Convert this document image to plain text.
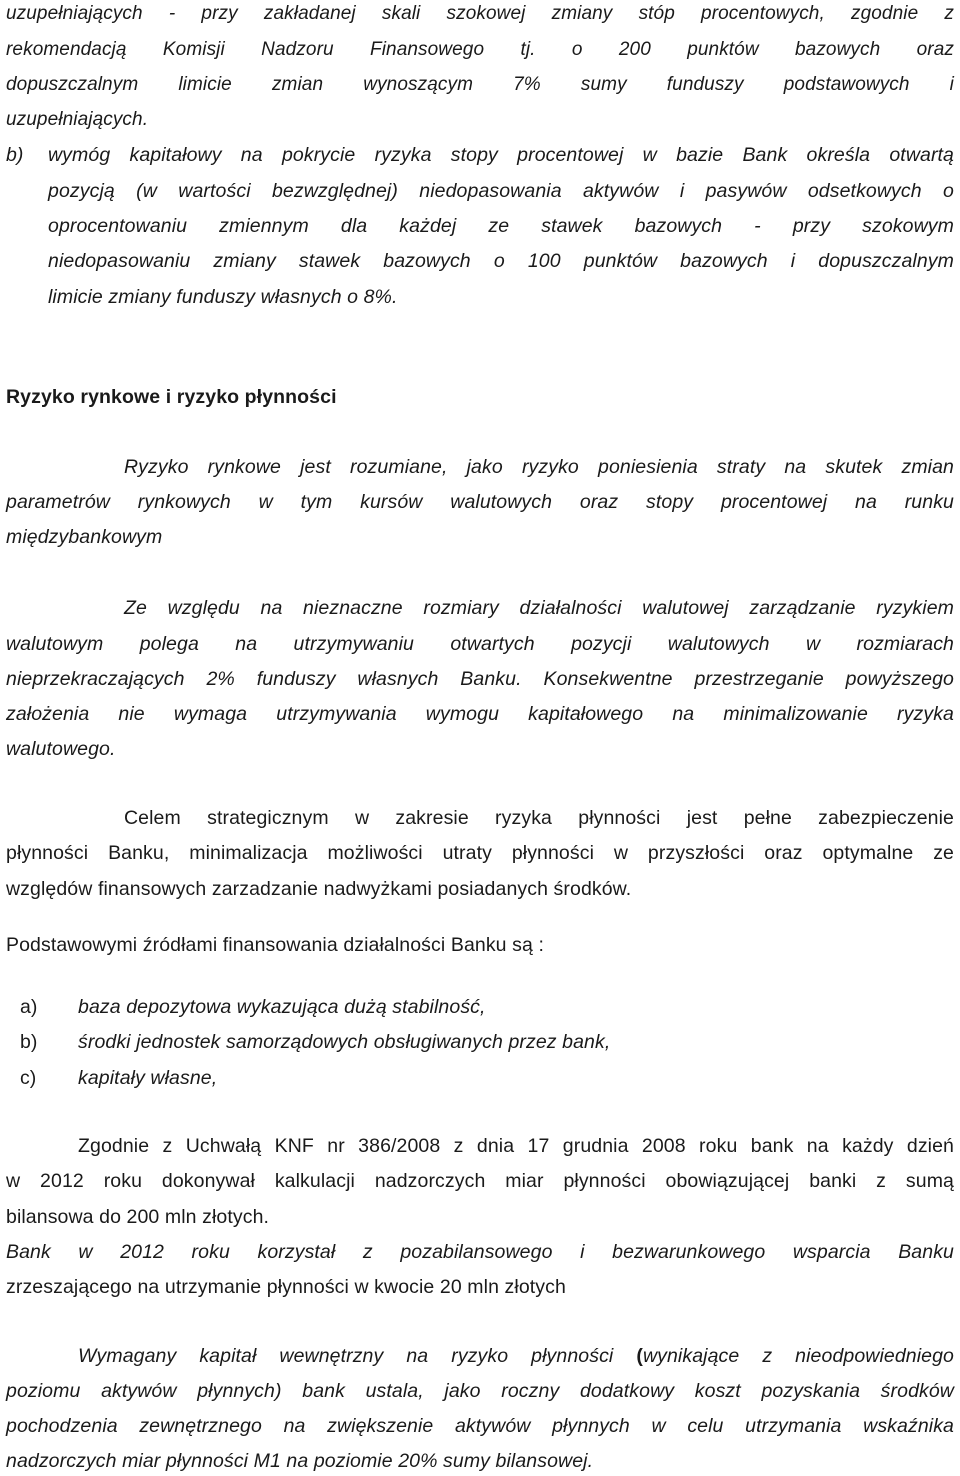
uzupełniających - przy zakładanej skali szokowej zmiany stóp procentowych, zgodnie z
rekomendacją Komisji Nadzoru Finansowego tj. o 200 punktów bazowych oraz
dopuszczalnym limicie zmian wynoszącym 7% sumy funduszy podstawowych i
uzupełniających.
b) wymóg kapitałowy na pokrycie ryzyka stopy procentowej w bazie Bank określa otwartą
pozycją (w wartości bezwzględnej) niedopasowania aktywów i pasywów odsetkowych o
oprocentowaniu zmiennym dla każdej ze stawek bazowych - przy szokowym
niedopasowaniu zmiany stawek bazowych o 100 punktów bazowych i dopuszczalnym
limicie zmiany funduszy własnych o 8%.
Ryzyko rynkowe i ryzyko płynności
Ryzyko rynkowe jest rozumiane, jako ryzyko poniesienia straty na skutek zmian
parametrów rynkowych w tym kursów walutowych oraz stopy procentowej na runku
międzybankowym
Ze względu na nieznaczne rozmiary działalności walutowej zarządzanie ryzykiem
walutowym polega na utrzymywaniu otwartych pozycji walutowych w rozmiarach
nieprzekraczających 2% funduszy własnych Banku. Konsekwentne przestrzeganie powyższego
założenia nie wymaga utrzymywania wymogu kapitałowego na minimalizowanie ryzyka
walutowego.
Celem strategicznym w zakresie ryzyka płynności jest pełne zabezpieczenie
płynności Banku, minimalizacja możliwości utraty płynności w przyszłości oraz optymalne ze
względów finansowych zarzadzanie nadwyżkami posiadanych środków.
Podstawowymi źródłami finansowania działalności Banku są :
a) baza depozytowa wykazująca dużą stabilność,
b) środki jednostek samorządowych obsługiwanych przez bank,
c) kapitały własne,
Zgodnie z Uchwałą KNF nr 386/2008 z dnia 17 grudnia 2008 roku bank na każdy dzień
w 2012 roku dokonywał kalkulacji nadzorczych miar płynności obowiązującej banki z sumą
bilansowa do 200 mln złotych.
Bank w 2012 roku korzystał z pozabilansowego i bezwarunkowego wsparcia Banku
zrzeszającego na utrzymanie płynności w kwocie 20 mln złotych
Wymagany kapitał wewnętrzny na ryzyko płynności (wynikające z nieodpowiedniego
poziomu aktywów płynnych) bank ustala, jako roczny dodatkowy koszt pozyskania środków
pochodzenia zewnętrznego na zwiększenie aktywów płynnych w celu utrzymania wskaźnika
nadzorczych miar płynności M1 na poziomie 20% sumy bilansowej.
